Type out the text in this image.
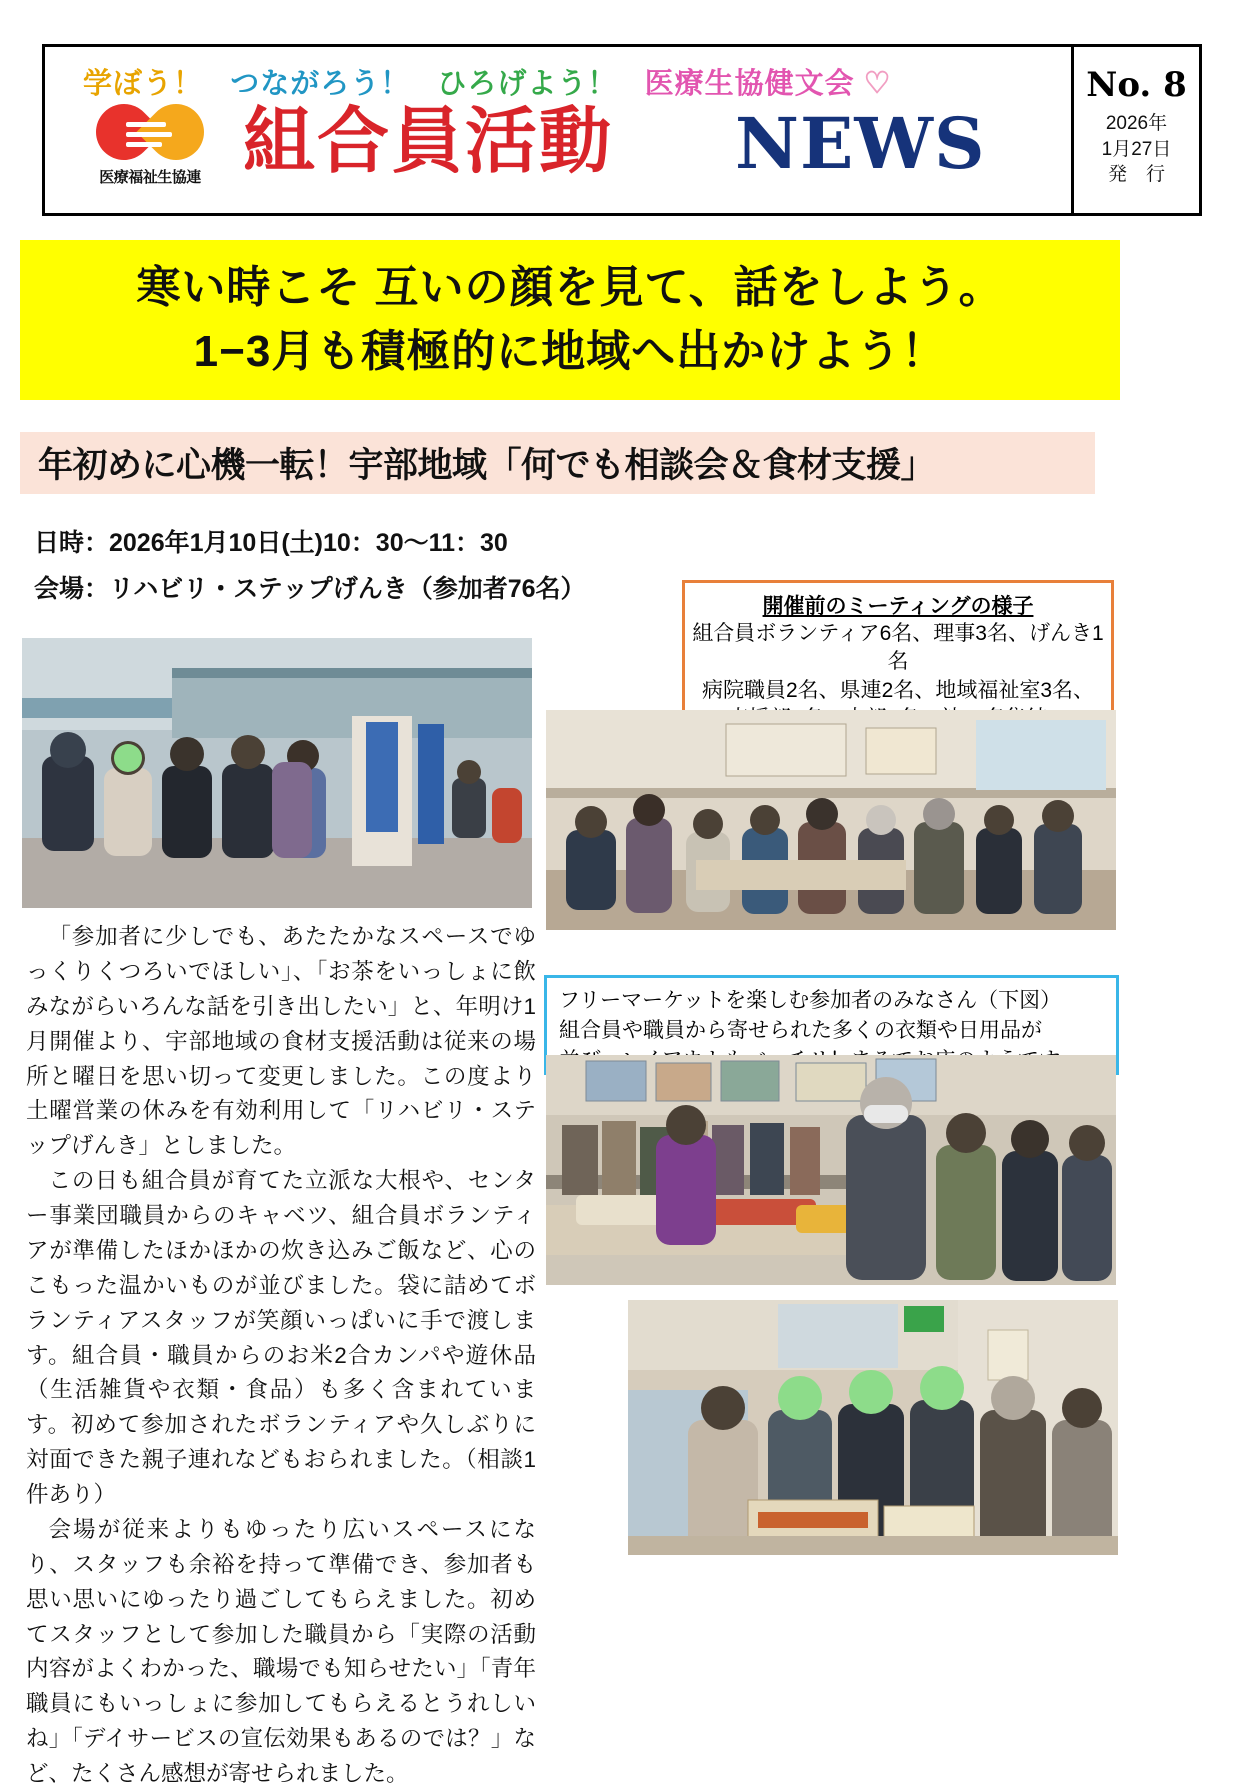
学ぼう！ つながろう！ ひろげよう！ 医療生協健文会 ♡
医療福祉生協連 組合員活動 NEWS
No. 8
2026年
1月27日
発　行
寒い時こそ 互いの顔を見て、話をしよう。
1−3月も積極的に地域へ出かけよう！
年初めに心機一転！宇部地域「何でも相談会＆食材支援」
日時：2026年1月10日(土)10：30～11：30
会場：リハビリ・ステップげんき（参加者76名）
開催前のミーティングの様子
組合員ボランティア6名、理事3名、げんき1名
病院職員2名、県連2名、地域福祉室3名、
フリーマーケットを楽しむ参加者のみなさん（下図）
組合員や職員から寄せられた多くの衣類や日用品が

「参加者に少しでも、あたたかなスペースでゆっくりくつろいでほしい」、「お茶をいっしょに飲みながらいろんな話を引き出したい」と、年明け1月開催より、宇部地域の食材支援活動は従来の場所と曜日を思い切って変更しました。この度より土曜営業の休みを有効利用して「リハビリ・ステップげんき」としました。

この日も組合員が育てた立派な大根や、センター事業団職員からのキャベツ、組合員ボランティアが準備したほかほかの炊き込みご飯など、心のこもった温かいものが並びました。袋に詰めてボランティアスタッフが笑顔いっぱいに手で渡します。組合員・職員からのお米2合カンパや遊休品（生活雑貨や衣類・食品）も多く含まれています。初めて参加されたボランティアや久しぶりに対面できた親子連れなどもおられました。（相談1件あり）

会場が従来よりもゆったり広いスペースになり、スタッフも余裕を持って準備でき、参加者も思い思いにゆったり過ごしてもらえました。初めてスタッフとして参加した職員から「実際の活動内容がよくわかった、職場でも知らせたい」「青年職員にもいっしょに参加してもらえるとうれしいね」「デイサービスの宣伝効果もあるのでは？」など、たくさん感想が寄せられました。
